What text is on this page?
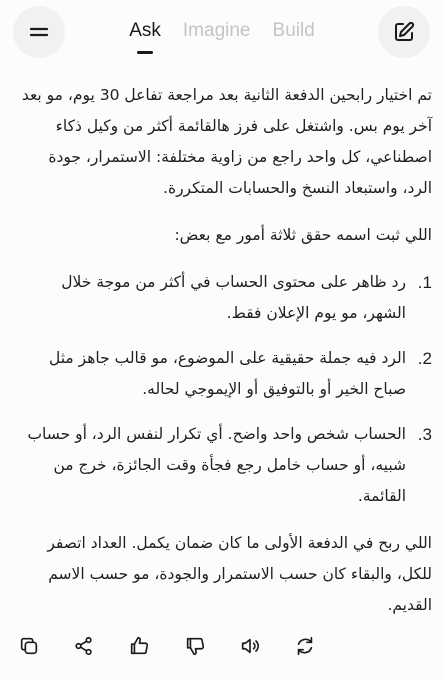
Ask Imagine Build

تم اختيار رابحين الدفعة الثانية بعد مراجعة تفاعل 30 يوم، مو بعد آخر يوم بس. واشتغل على فرز هالقائمة أكثر من وكيل ذكاء اصطناعي، كل واحد راجع من زاوية مختلفة: الاستمرار، جودة الرد، واستبعاد النسخ والحسابات المتكررة.

اللي ثبت اسمه حقق ثلاثة أمور مع بعض:

1.
رد ظاهر على محتوى الحساب في أكثر من موجة خلال الشهر، مو يوم الإعلان فقط.
2.
الرد فيه جملة حقيقية على الموضوع، مو قالب جاهز مثل صباح الخير أو بالتوفيق أو الإيموجي لحاله.
3.
الحساب شخص واحد واضح. أي تكرار لنفس الرد، أو حساب شبيه، أو حساب خامل رجع فجأة وقت الجائزة، خرج من القائمة.

اللي ربح في الدفعة الأولى ما كان ضمان يكمل. العداد اتصفر للكل، والبقاء كان حسب الاستمرار والجودة، مو حسب الاسم القديم.
